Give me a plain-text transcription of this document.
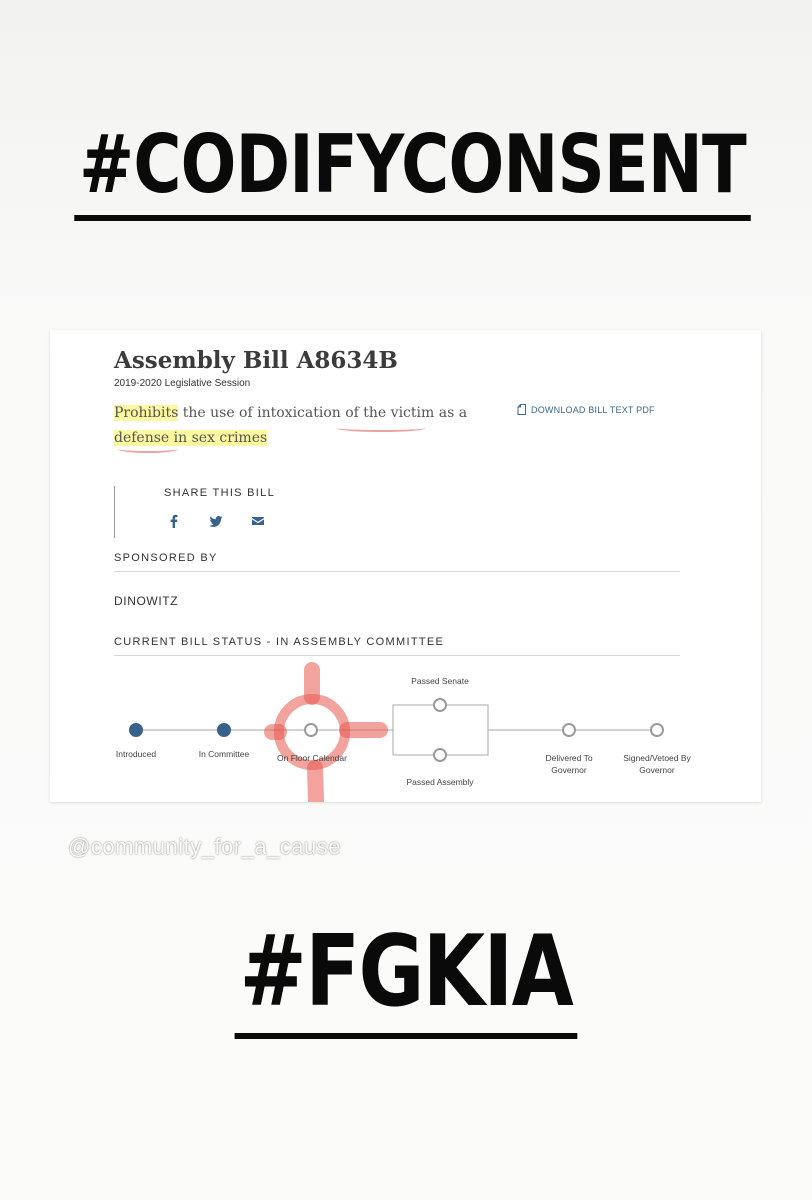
#CODIFYCONSENT
Assembly Bill A8634B
2019-2020 Legislative Session

Prohibits the use of intoxication of the victim as a defense in sex crimes

DOWNLOAD BILL TEXT PDF
SHARE THIS BILL
SPONSORED BY
DINOWITZ
CURRENT BILL STATUS - IN ASSEMBLY COMMITTEE
Introduced	In Committee	On Floor Calendar
Passed Senate
Passed Assembly
Delivered To
Governor
Signed/Vetoed By
Governor
@community_for_a_cause
#FGKIA
